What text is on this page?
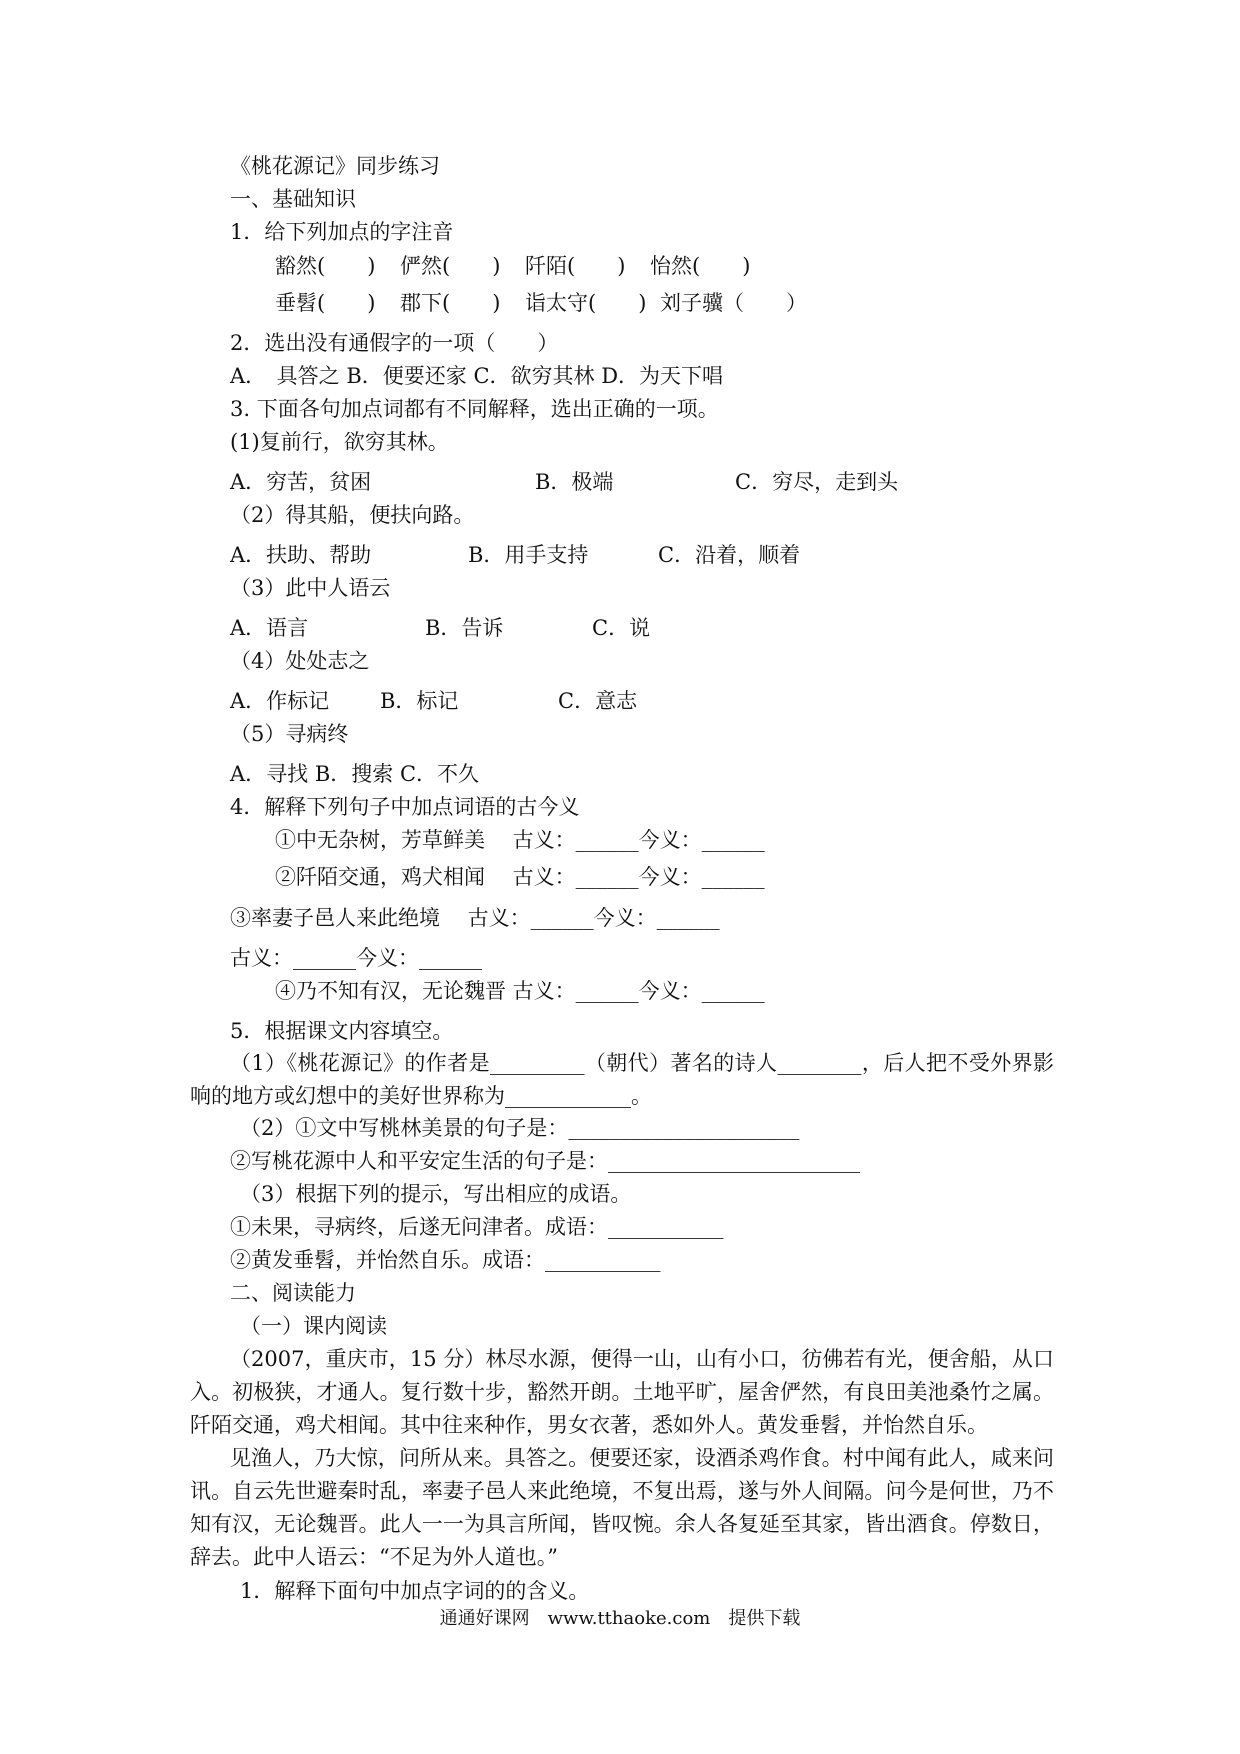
《桃花源记》同步练习
一、基础知识
1．给下列加点的字注音
豁然(　　) 俨然(　　) 阡陌(　　) 怡然(　　)
垂髫(　　) 郡下(　　) 诣太守(　　) 刘子骥（　　）
2．选出没有通假字的一项（　　）
A．　具答之 B．便要还家 C．欲穷其林 D．为天下唱
3. 下面各句加点词都有不同解释，选出正确的一项。
(1)复前行，欲穷其林。
A．穷苦，贫困	B．极端	C．穷尽，走到头
（2）得其船，便扶向路。
A．扶助、帮助	B．用手支持	C．沿着，顺着
（3）此中人语云
A．语言	B．告诉	C．说
（4）处处志之
A．作标记 B．标记	C．意志
（5）寻病终
A．寻找 B．搜索 C．不久
4．解释下列句子中加点词语的古今义
①中无杂树，芳草鲜美　 古义：______今义：______
②阡陌交通，鸡犬相闻　 古义：______今义：______
③率妻子邑人来此绝境　 古义：______今义：______
古义：______今义：______
④乃不知有汉，无论魏晋 古义：______今义：______
5．根据课文内容填空。
（1）《桃花源记》的作者是_________（朝代）著名的诗人________，后人把不受外界影响的地方或幻想中的美好世界称为____________。
（2）①文中写桃林美景的句子是：______________________
②写桃花源中人和平安定生活的句子是：________________________
（3）根据下列的提示，写出相应的成语。
①未果，寻病终，后遂无问津者。成语：___________
②黄发垂髫，并怡然自乐。成语：___________
二、阅读能力
（一）课内阅读
（2007，重庆市，15 分）林尽水源，便得一山，山有小口，彷佛若有光，便舍船，从口入。初极狭，才通人。复行数十步，豁然开朗。土地平旷，屋舍俨然，有良田美池桑竹之属。阡陌交通，鸡犬相闻。其中往来种作，男女衣著，悉如外人。黄发垂髫，并怡然自乐。
见渔人，乃大惊，问所从来。具答之。便要还家，设酒杀鸡作食。村中闻有此人，咸来问讯。自云先世避秦时乱，率妻子邑人来此绝境，不复出焉，遂与外人间隔。问今是何世，乃不知有汉，无论魏晋。此人一一为具言所闻，皆叹惋。余人各复延至其家，皆出酒食。停数日，辞去。此中人语云：“不足为外人道也。”
1．解释下面句中加点字词的的含义。
通通好课网　www.tthaoke.com　提供下载
